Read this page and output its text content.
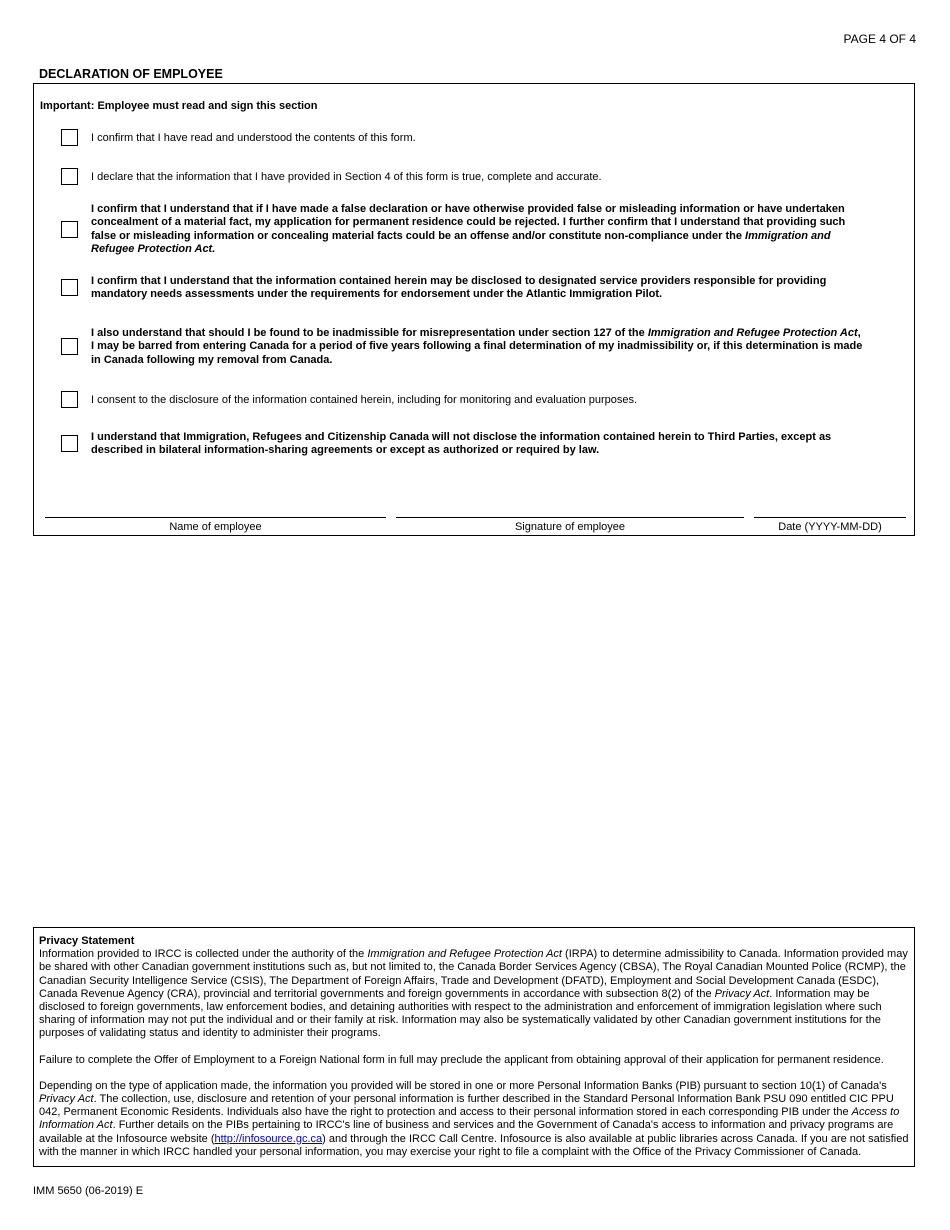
PAGE 4 OF 4
DECLARATION OF EMPLOYEE
Important: Employee must read and sign this section
I confirm that I have read and understood the contents of this form.
I declare that the information that I have provided in Section 4 of this form is true, complete and accurate.
I confirm that I understand that if I have made a false declaration or have otherwise provided false or misleading information or have undertaken concealment of a material fact, my application for permanent residence could be rejected. I further confirm that I understand that providing such false or misleading information or concealing material facts could be an offense and/or constitute non-compliance under the Immigration and Refugee Protection Act.
I confirm that I understand that the information contained herein may be disclosed to designated service providers responsible for providing mandatory needs assessments under the requirements for endorsement under the Atlantic Immigration Pilot.
I also understand that should I be found to be inadmissible for misrepresentation under section 127 of the Immigration and Refugee Protection Act, I may be barred from entering Canada for a period of five years following a final determination of my inadmissibility or, if this determination is made in Canada following my removal from Canada.
I consent to the disclosure of the information contained herein, including for monitoring and evaluation purposes.
I understand that Immigration, Refugees and Citizenship Canada will not disclose the information contained herein to Third Parties, except as described in bilateral information-sharing agreements or except as authorized or required by law.
Name of employee	Signature of employee	Date (YYYY-MM-DD)
Privacy Statement

Information provided to IRCC is collected under the authority of the Immigration and Refugee Protection Act (IRPA) to determine admissibility to Canada. Information provided may be shared with other Canadian government institutions such as, but not limited to, the Canada Border Services Agency (CBSA), The Royal Canadian Mounted Police (RCMP), the Canadian Security Intelligence Service (CSIS), The Department of Foreign Affairs, Trade and Development (DFATD), Employment and Social Development Canada (ESDC), Canada Revenue Agency (CRA), provincial and territorial governments and foreign governments in accordance with subsection 8(2) of the Privacy Act. Information may be disclosed to foreign governments, law enforcement bodies, and detaining authorities with respect to the administration and enforcement of immigration legislation where such sharing of information may not put the individual and or their family at risk. Information may also be systematically validated by other Canadian government institutions for the purposes of validating status and identity to administer their programs.

Failure to complete the Offer of Employment to a Foreign National form in full may preclude the applicant from obtaining approval of their application for permanent residence.

Depending on the type of application made, the information you provided will be stored in one or more Personal Information Banks (PIB) pursuant to section 10(1) of Canada's Privacy Act. The collection, use, disclosure and retention of your personal information is further described in the Standard Personal Information Bank PSU 090 entitled CIC PPU 042, Permanent Economic Residents. Individuals also have the right to protection and access to their personal information stored in each corresponding PIB under the Access to Information Act. Further details on the PIBs pertaining to IRCC's line of business and services and the Government of Canada's access to information and privacy programs are available at the Infosource website (http://infosource.gc.ca) and through the IRCC Call Centre. Infosource is also available at public libraries across Canada. If you are not satisfied with the manner in which IRCC handled your personal information, you may exercise your right to file a complaint with the Office of the Privacy Commissioner of Canada.

IMM 5650 (06-2019) E
